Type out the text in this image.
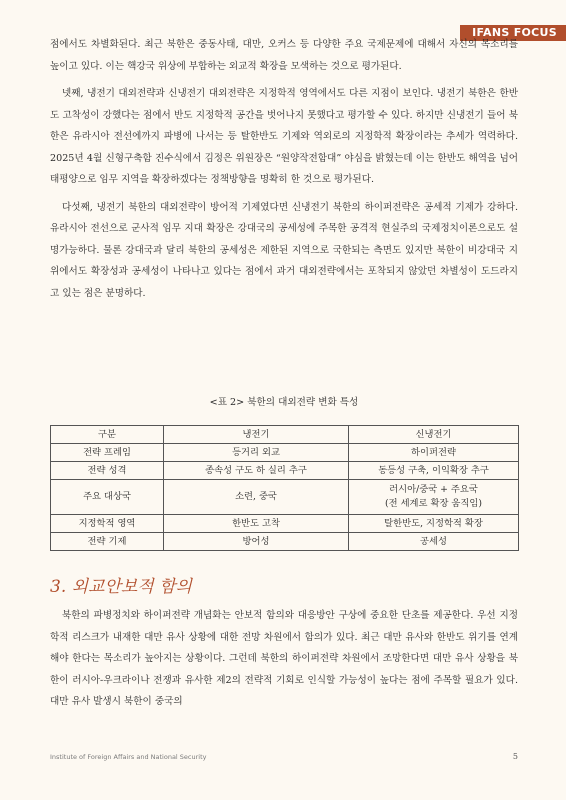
IFANS FOCUS

점에서도 차별화된다. 최근 북한은 중동사태, 대만, 오커스 등 다양한 주요 국제문제에 대해서 자신의 목소리를 높이고 있다. 이는 핵강국 위상에 부합하는 외교적 확장을 모색하는 것으로 평가된다.

넷째, 냉전기 대외전략과 신냉전기 대외전략은 지정학적 영역에서도 다른 지점이 보인다. 냉전기 북한은 한반도 고착성이 강했다는 점에서 반도 지정학적 공간을 벗어나지 못했다고 평가할 수 있다. 하지만 신냉전기 들어 북한은 유라시아 전선에까지 파병에 나서는 등 탈한반도 기제와 역외로의 지정학적 확장이라는 추세가 역력하다. 2025년 4월 신형구축함 진수식에서 김정은 위원장은 “원양작전함대” 야심을 밝혔는데 이는 한반도 해역을 넘어 태평양으로 임무 지역을 확장하겠다는 정책방향을 명확히 한 것으로 평가된다.

다섯째, 냉전기 북한의 대외전략이 방어적 기제였다면 신냉전기 북한의 하이퍼전략은 공세적 기제가 강하다. 유라시아 전선으로 군사적 임무 지대 확장은 강대국의 공세성에 주목한 공격적 현실주의 국제정치이론으로도 설명가능하다. 물론 강대국과 달리 북한의 공세성은 제한된 지역으로 국한되는 측면도 있지만 북한이 비강대국 지위에서도 확장성과 공세성이 나타나고 있다는 점에서 과거 대외전략에서는 포착되지 않았던 차별성이 도드라지고 있는 점은 분명하다.

<표 2> 북한의 대외전략 변화 특성
구분	냉전기	신냉전기
전략 프레임	등거리 외교	하이퍼전략
전략 성격	종속성 구도 하 실리 추구	동등성 구축, 이익확장 추구
주요 대상국	소련, 중국	러시아/중국 + 주요국
(전 세계로 확장 움직임)

지정학적 영역	한반도 고착	탈한반도, 지정학적 확장
전략 기제	방어성	공세성
3. 외교안보적 함의

북한의 파병정치와 하이퍼전략 개념화는 안보적 함의와 대응방안 구상에 중요한 단초를 제공한다. 우선 지정학적 리스크가 내재한 대만 유사 상황에 대한 전망 차원에서 함의가 있다. 최근 대만 유사와 한반도 위기를 연계해야 한다는 목소리가 높아지는 상황이다. 그런데 북한의 하이퍼전략 차원에서 조망한다면 대만 유사 상황을 북한이 러시아-우크라이나 전쟁과 유사한 제2의 전략적 기회로 인식할 가능성이 높다는 점에 주목할 필요가 있다. 대만 유사 발생시 북한이 중국의

Institute of Foreign Affairs and National Security	5
